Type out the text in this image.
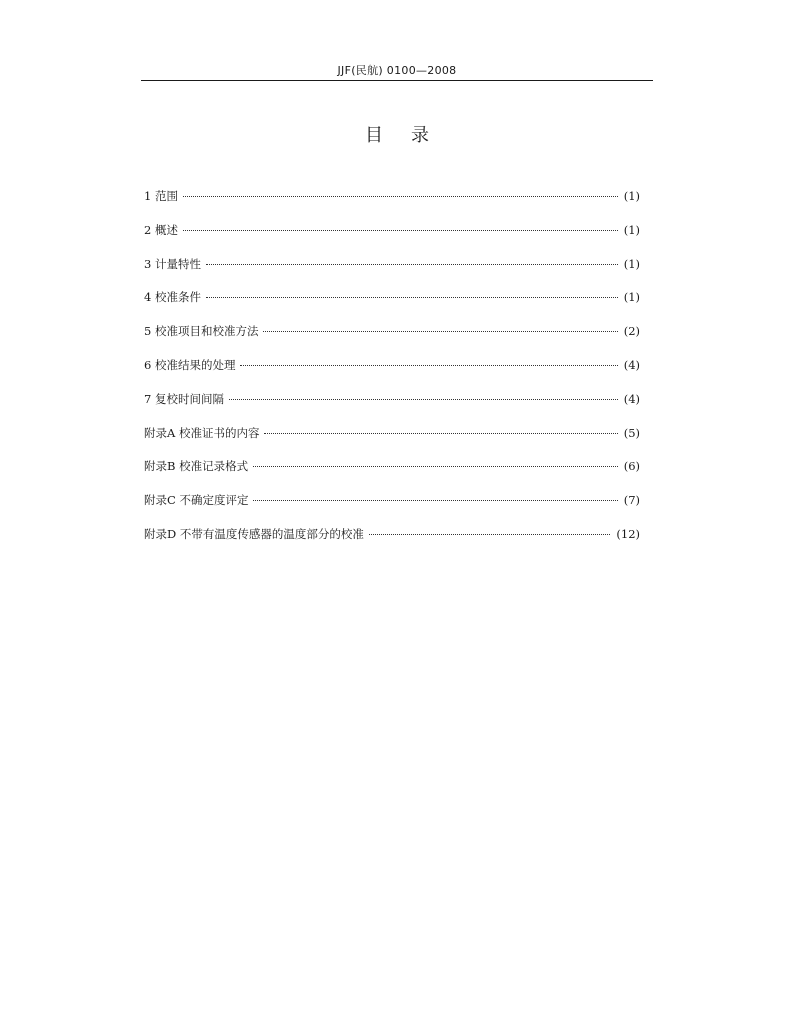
JJF(民航) 0100—2008
目录
1 范围	(1)
2 概述	(1)
3 计量特性	(1)
4 校准条件	(1)
5 校准项目和校准方法	(2)
6 校准结果的处理	(4)
7 复校时间间隔	(4)
附录A 校准证书的内容	(5)
附录B 校准记录格式	(6)
附录C 不确定度评定	(7)
附录D 不带有温度传感器的温度部分的校准	(12)
